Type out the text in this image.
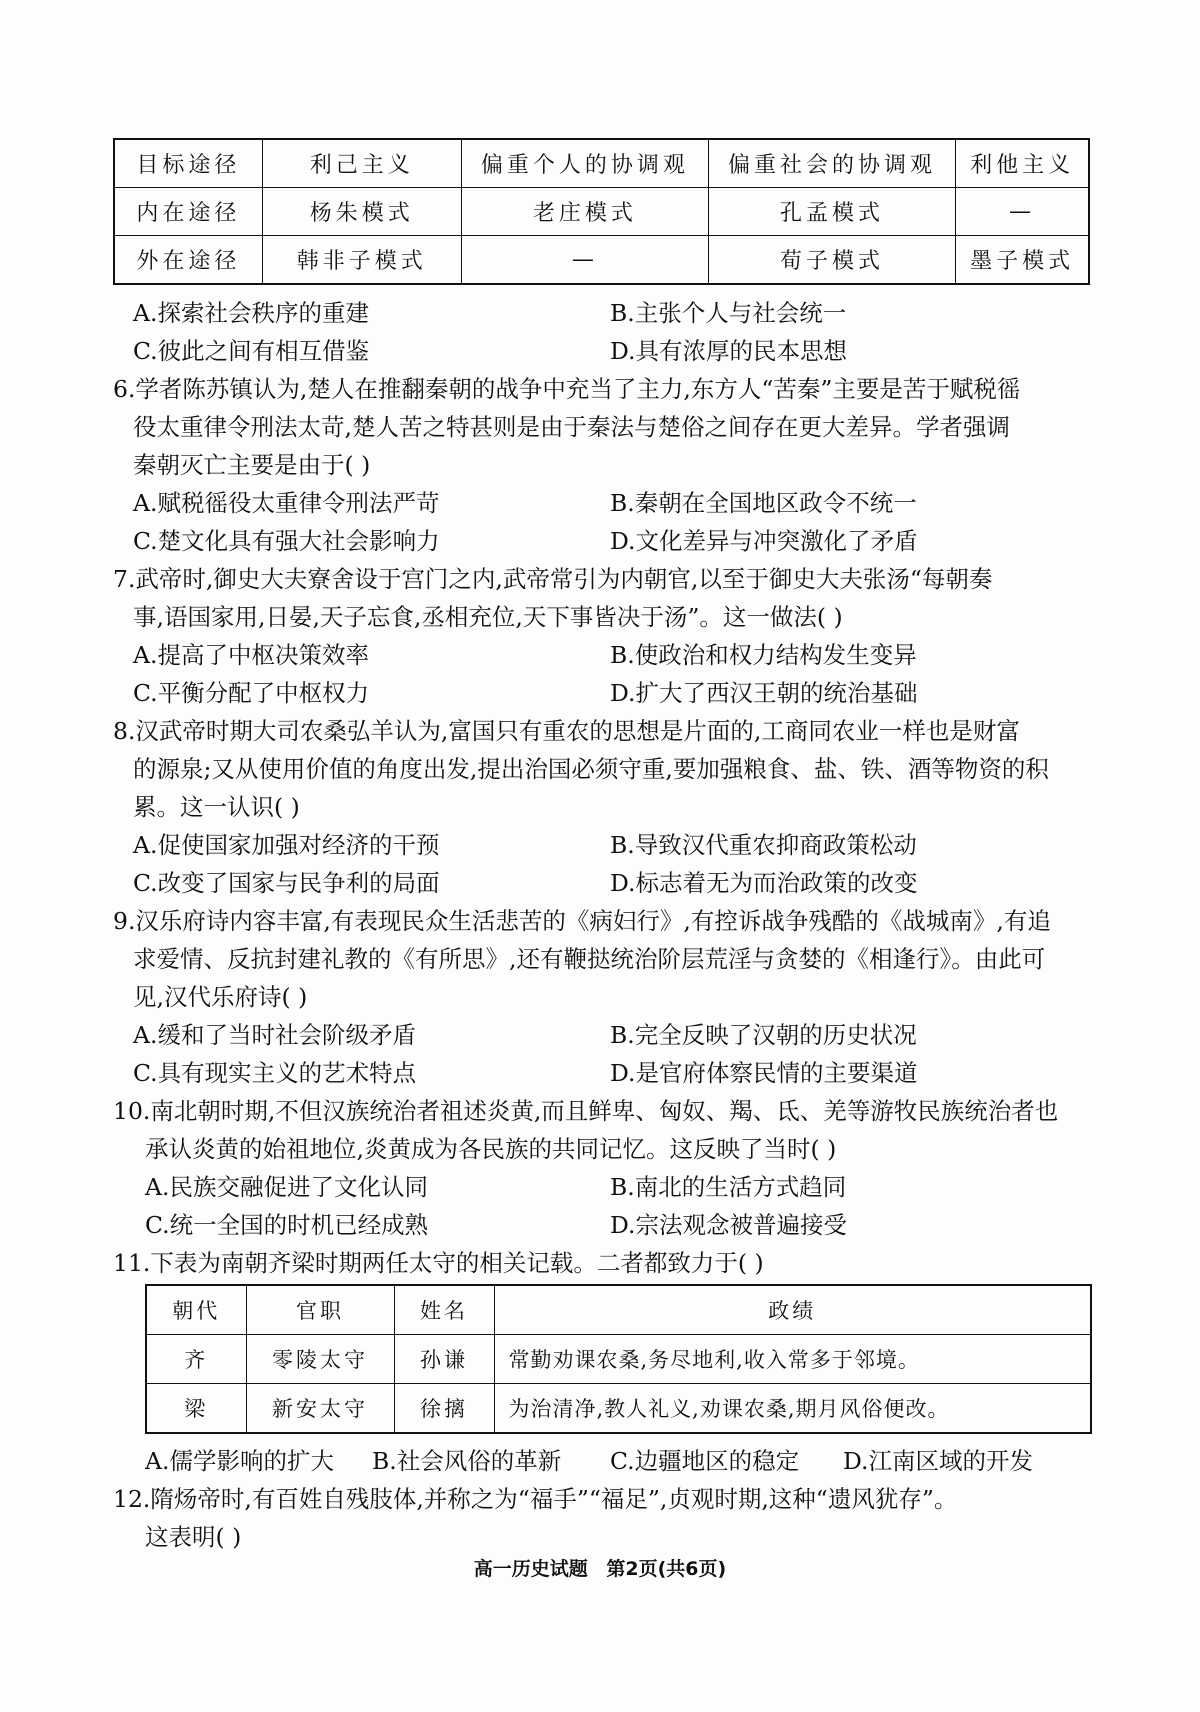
目标途径	利己主义	偏重个人的协调观	偏重社会的协调观	利他主义
内在途径	杨朱模式	老庄模式	孔孟模式	—
外在途径	韩非子模式	—	荀子模式	墨子模式
A.探索社会秩序的重建	B.主张个人与社会统一
C.彼此之间有相互借鉴	D.具有浓厚的民本思想
6.学者陈苏镇认为,楚人在推翻秦朝的战争中充当了主力,东方人“苦秦”主要是苦于赋税徭
役太重律令刑法太苛,楚人苦之特甚则是由于秦法与楚俗之间存在更大差异。学者强调
秦朝灭亡主要是由于( )
A.赋税徭役太重律令刑法严苛	B.秦朝在全国地区政令不统一
C.楚文化具有强大社会影响力	D.文化差异与冲突激化了矛盾
7.武帝时,御史大夫寮舍设于宫门之内,武帝常引为内朝官,以至于御史大夫张汤“每朝奏
事,语国家用,日晏,天子忘食,丞相充位,天下事皆决于汤”。这一做法( )
A.提高了中枢决策效率	B.使政治和权力结构发生变异
C.平衡分配了中枢权力	D.扩大了西汉王朝的统治基础
8.汉武帝时期大司农桑弘羊认为,富国只有重农的思想是片面的,工商同农业一样也是财富
的源泉;又从使用价值的角度出发,提出治国必须守重,要加强粮食、盐、铁、酒等物资的积
累。这一认识( )
A.促使国家加强对经济的干预	B.导致汉代重农抑商政策松动
C.改变了国家与民争利的局面	D.标志着无为而治政策的改变
9.汉乐府诗内容丰富,有表现民众生活悲苦的《病妇行》,有控诉战争残酷的《战城南》,有追
求爱情、反抗封建礼教的《有所思》,还有鞭挞统治阶层荒淫与贪婪的《相逢行》。由此可
见,汉代乐府诗( )
A.缓和了当时社会阶级矛盾	B.完全反映了汉朝的历史状况
C.具有现实主义的艺术特点	D.是官府体察民情的主要渠道
10.南北朝时期,不但汉族统治者祖述炎黄,而且鲜卑、匈奴、羯、氐、羌等游牧民族统治者也
承认炎黄的始祖地位,炎黄成为各民族的共同记忆。这反映了当时( )
A.民族交融促进了文化认同	B.南北的生活方式趋同
C.统一全国的时机已经成熟	D.宗法观念被普遍接受
11.下表为南朝齐梁时期两任太守的相关记载。二者都致力于( )
朝代	官职	姓名	政绩
齐	零陵太守	孙谦	常勤劝课农桑,务尽地利,收入常多于邻境。
梁	新安太守	徐摛	为治清净,教人礼义,劝课农桑,期月风俗便改。
A.儒学影响的扩大 B.社会风俗的革新 C.边疆地区的稳定 D.江南区域的开发
12.隋炀帝时,有百姓自残肢体,并称之为“福手”“福足”,贞观时期,这种“遗风犹存”。
这表明( )
高一历史试题 第2页(共6页)
